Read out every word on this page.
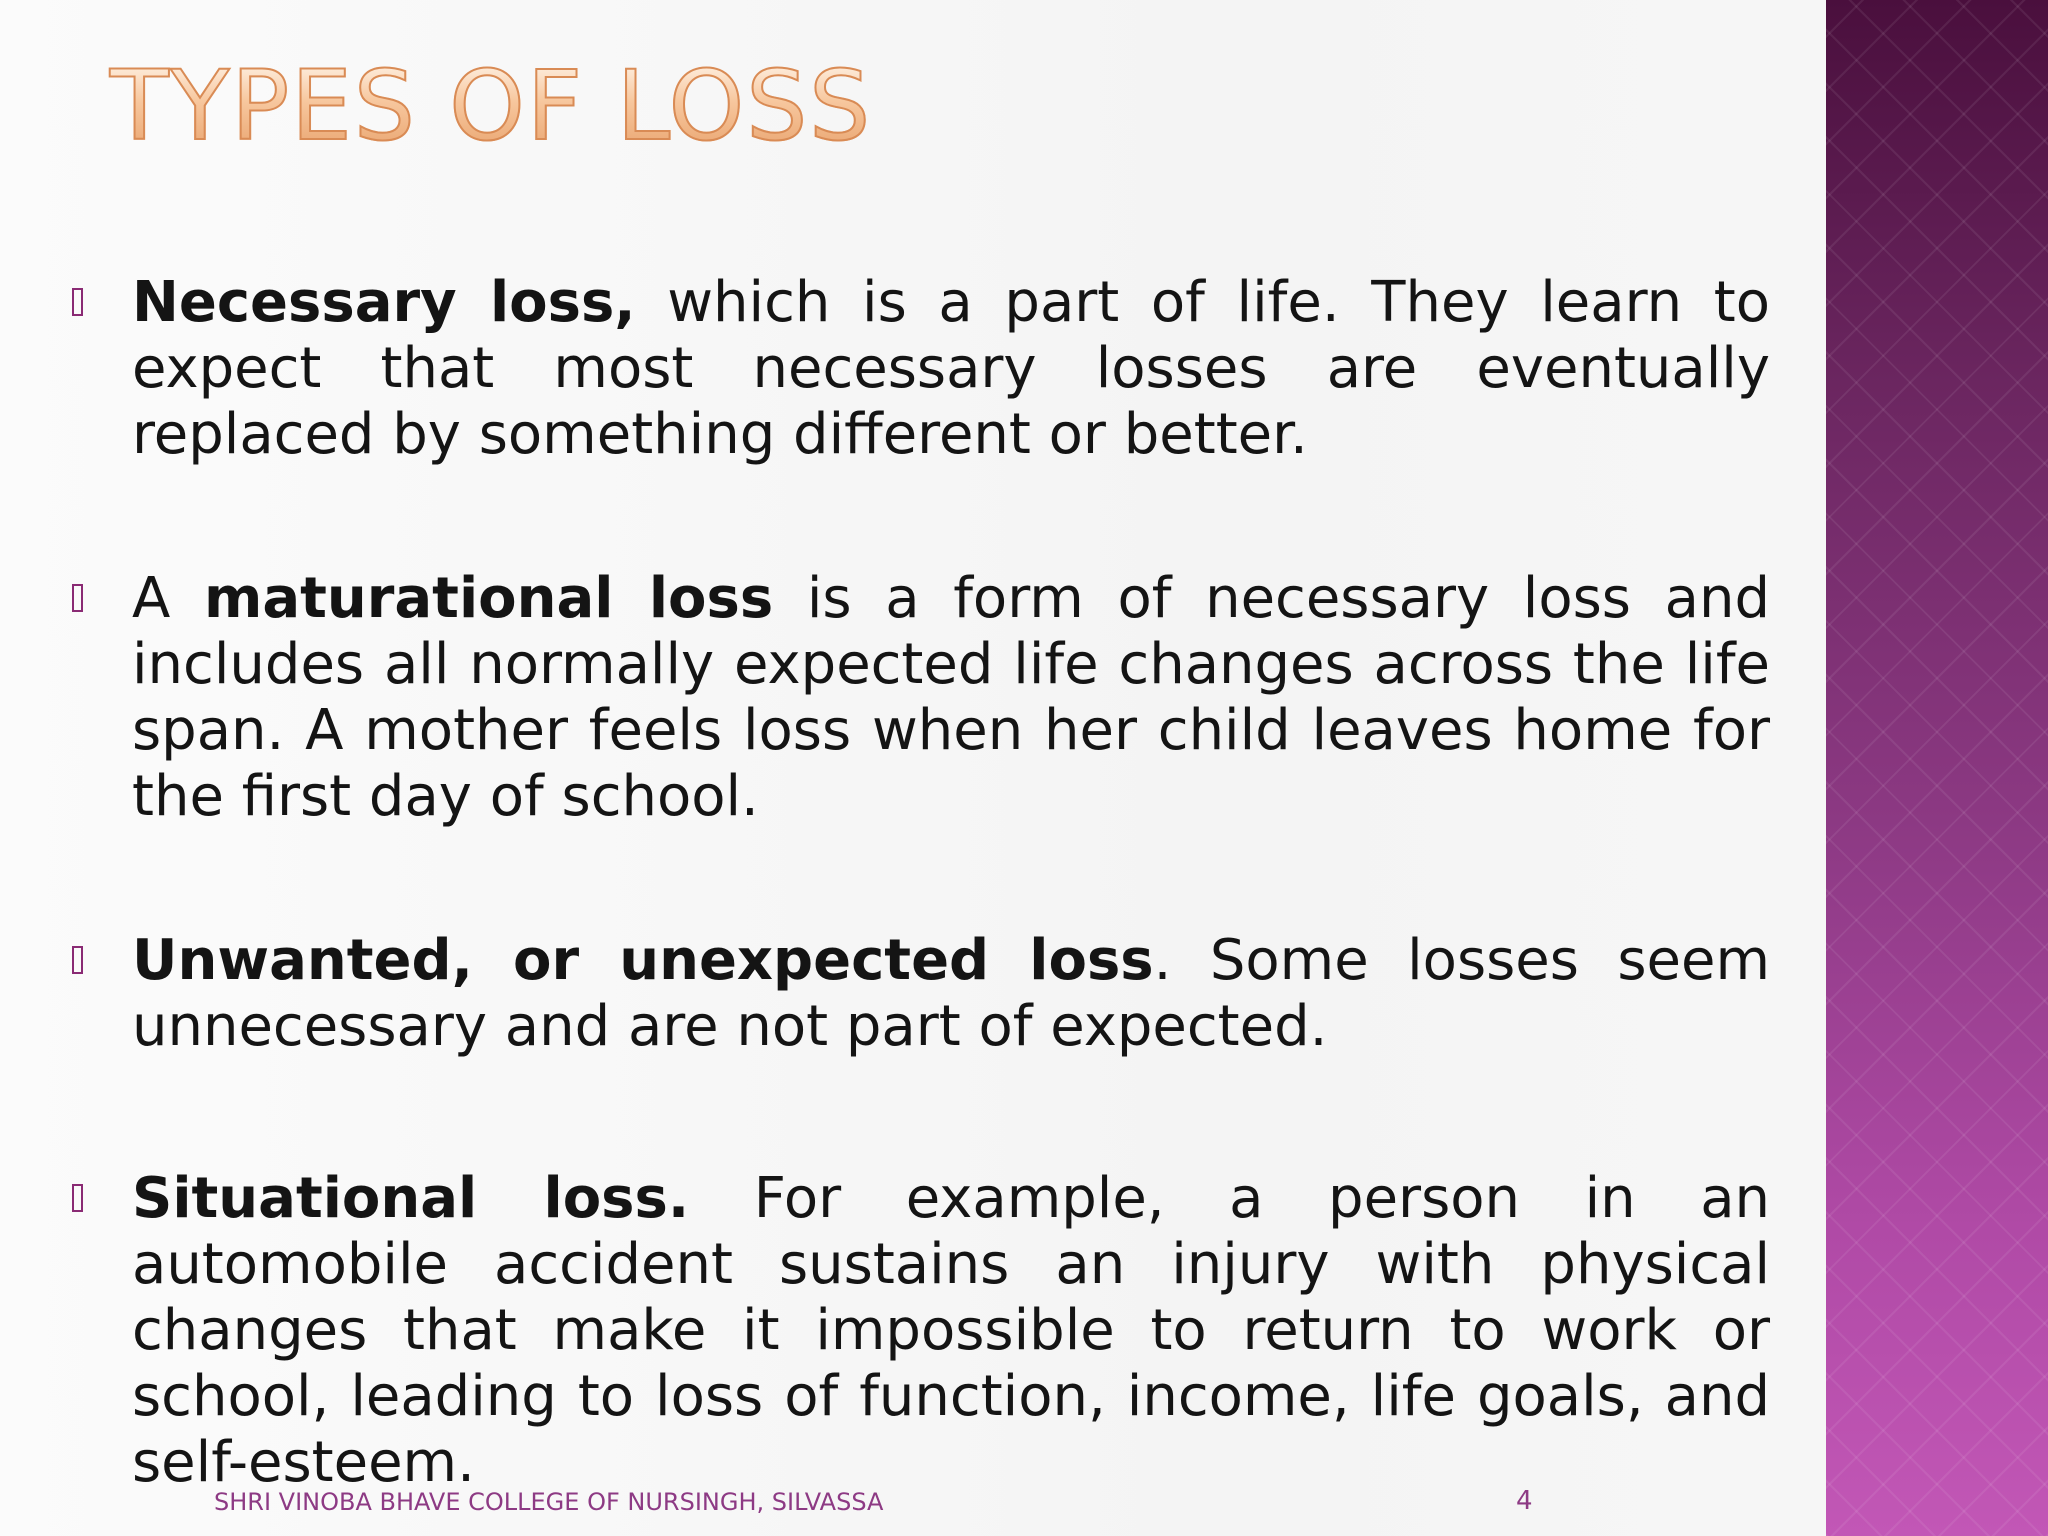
TYPES OF LOSS
Necessary loss, which is a part of life. They learn to expect that most necessary losses are eventually replaced by something different or better.
A maturational loss is a form of necessary loss and includes all normally expected life changes across the life span. A mother feels loss when her child leaves home for the first day of school.
Unwanted, or unexpected loss. Some losses seem unnecessary and are not part of expected.
Situational loss. For example, a person in an automobile accident sustains an injury with physical changes that make it impossible to return to work or school, leading to loss of function, income, life goals, and self-esteem.
SHRI VINOBA BHAVE COLLEGE OF NURSINGH, SILVASSA	4
